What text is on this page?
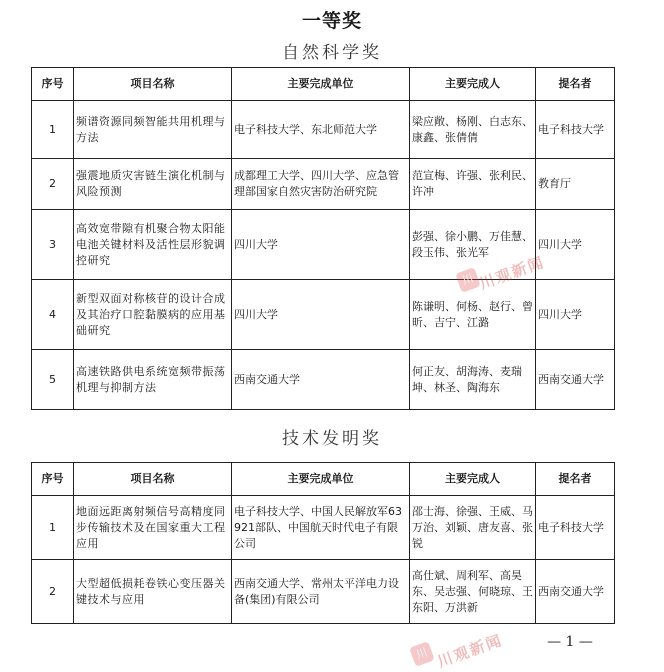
一等奖
自然科学奖
序号	项目名称	主要完成单位	主要完成人	提名者
1	频谱资源同频智能共用机理与方法	电子科技大学、东北师范大学	梁应敞、杨刚、白志东、康鑫、张倩倩	电子科技大学
2	强震地质灾害链生演化机制与风险预测	成都理工大学、四川大学、应急管理部国家自然灾害防治研究院	范宣梅、许强、张利民、许冲	教育厅
3	高效宽带隙有机聚合物太阳能电池关键材料及活性层形貌调控研究	四川大学	彭强、徐小鹏、万佳慧、段玉伟、张光军	四川大学
4	新型双面对称核苷的设计合成及其治疗口腔黏膜病的应用基础研究	四川大学	陈谦明、何杨、赵行、曾昕、吉宁、江潞	四川大学
5	高速铁路供电系统宽频带振荡机理与抑制方法	西南交通大学	何正友、胡海涛、麦瑞坤、林圣、陶海东	西南交通大学
技术发明奖
序号	项目名称	主要完成单位	主要完成人	提名者
1	地面远距离射频信号高精度同步传输技术及在国家重大工程应用	电子科技大学、中国人民解放军63921部队、中国航天时代电子有限公司	邵士海、徐强、王威、马万治、刘颖、唐友喜、张锐	电子科技大学
2	大型超低损耗卷铁心变压器关键技术与应用	西南交通大学、常州太平洋电力设备(集团)有限公司	高仕斌、周利军、高昊东、吴志强、何晓琼、王东阳、万洪新	西南交通大学
川 川观新闻
川 川观新闻	— 1 —
